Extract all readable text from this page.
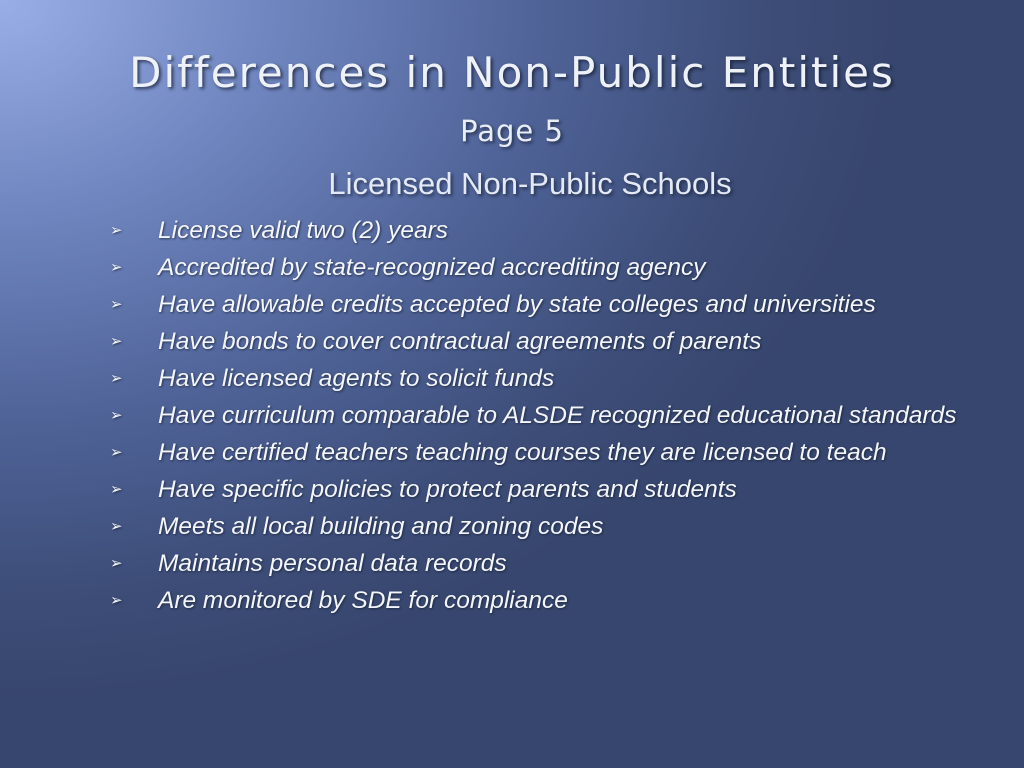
Differences in Non-Public Entities
Page 5
Licensed Non-Public Schools
➢	License valid two (2) years
➢	Accredited by state-recognized accrediting agency
➢	Have allowable credits accepted by state colleges and universities
➢	Have bonds to cover contractual agreements of parents
➢	Have licensed agents to solicit funds
➢	Have curriculum comparable to ALSDE recognized educational standards
➢	Have certified teachers teaching courses they are licensed to teach
➢	Have specific policies to protect parents and students
➢	Meets all local building and zoning codes
➢	Maintains personal data records
➢	Are monitored by SDE for compliance
